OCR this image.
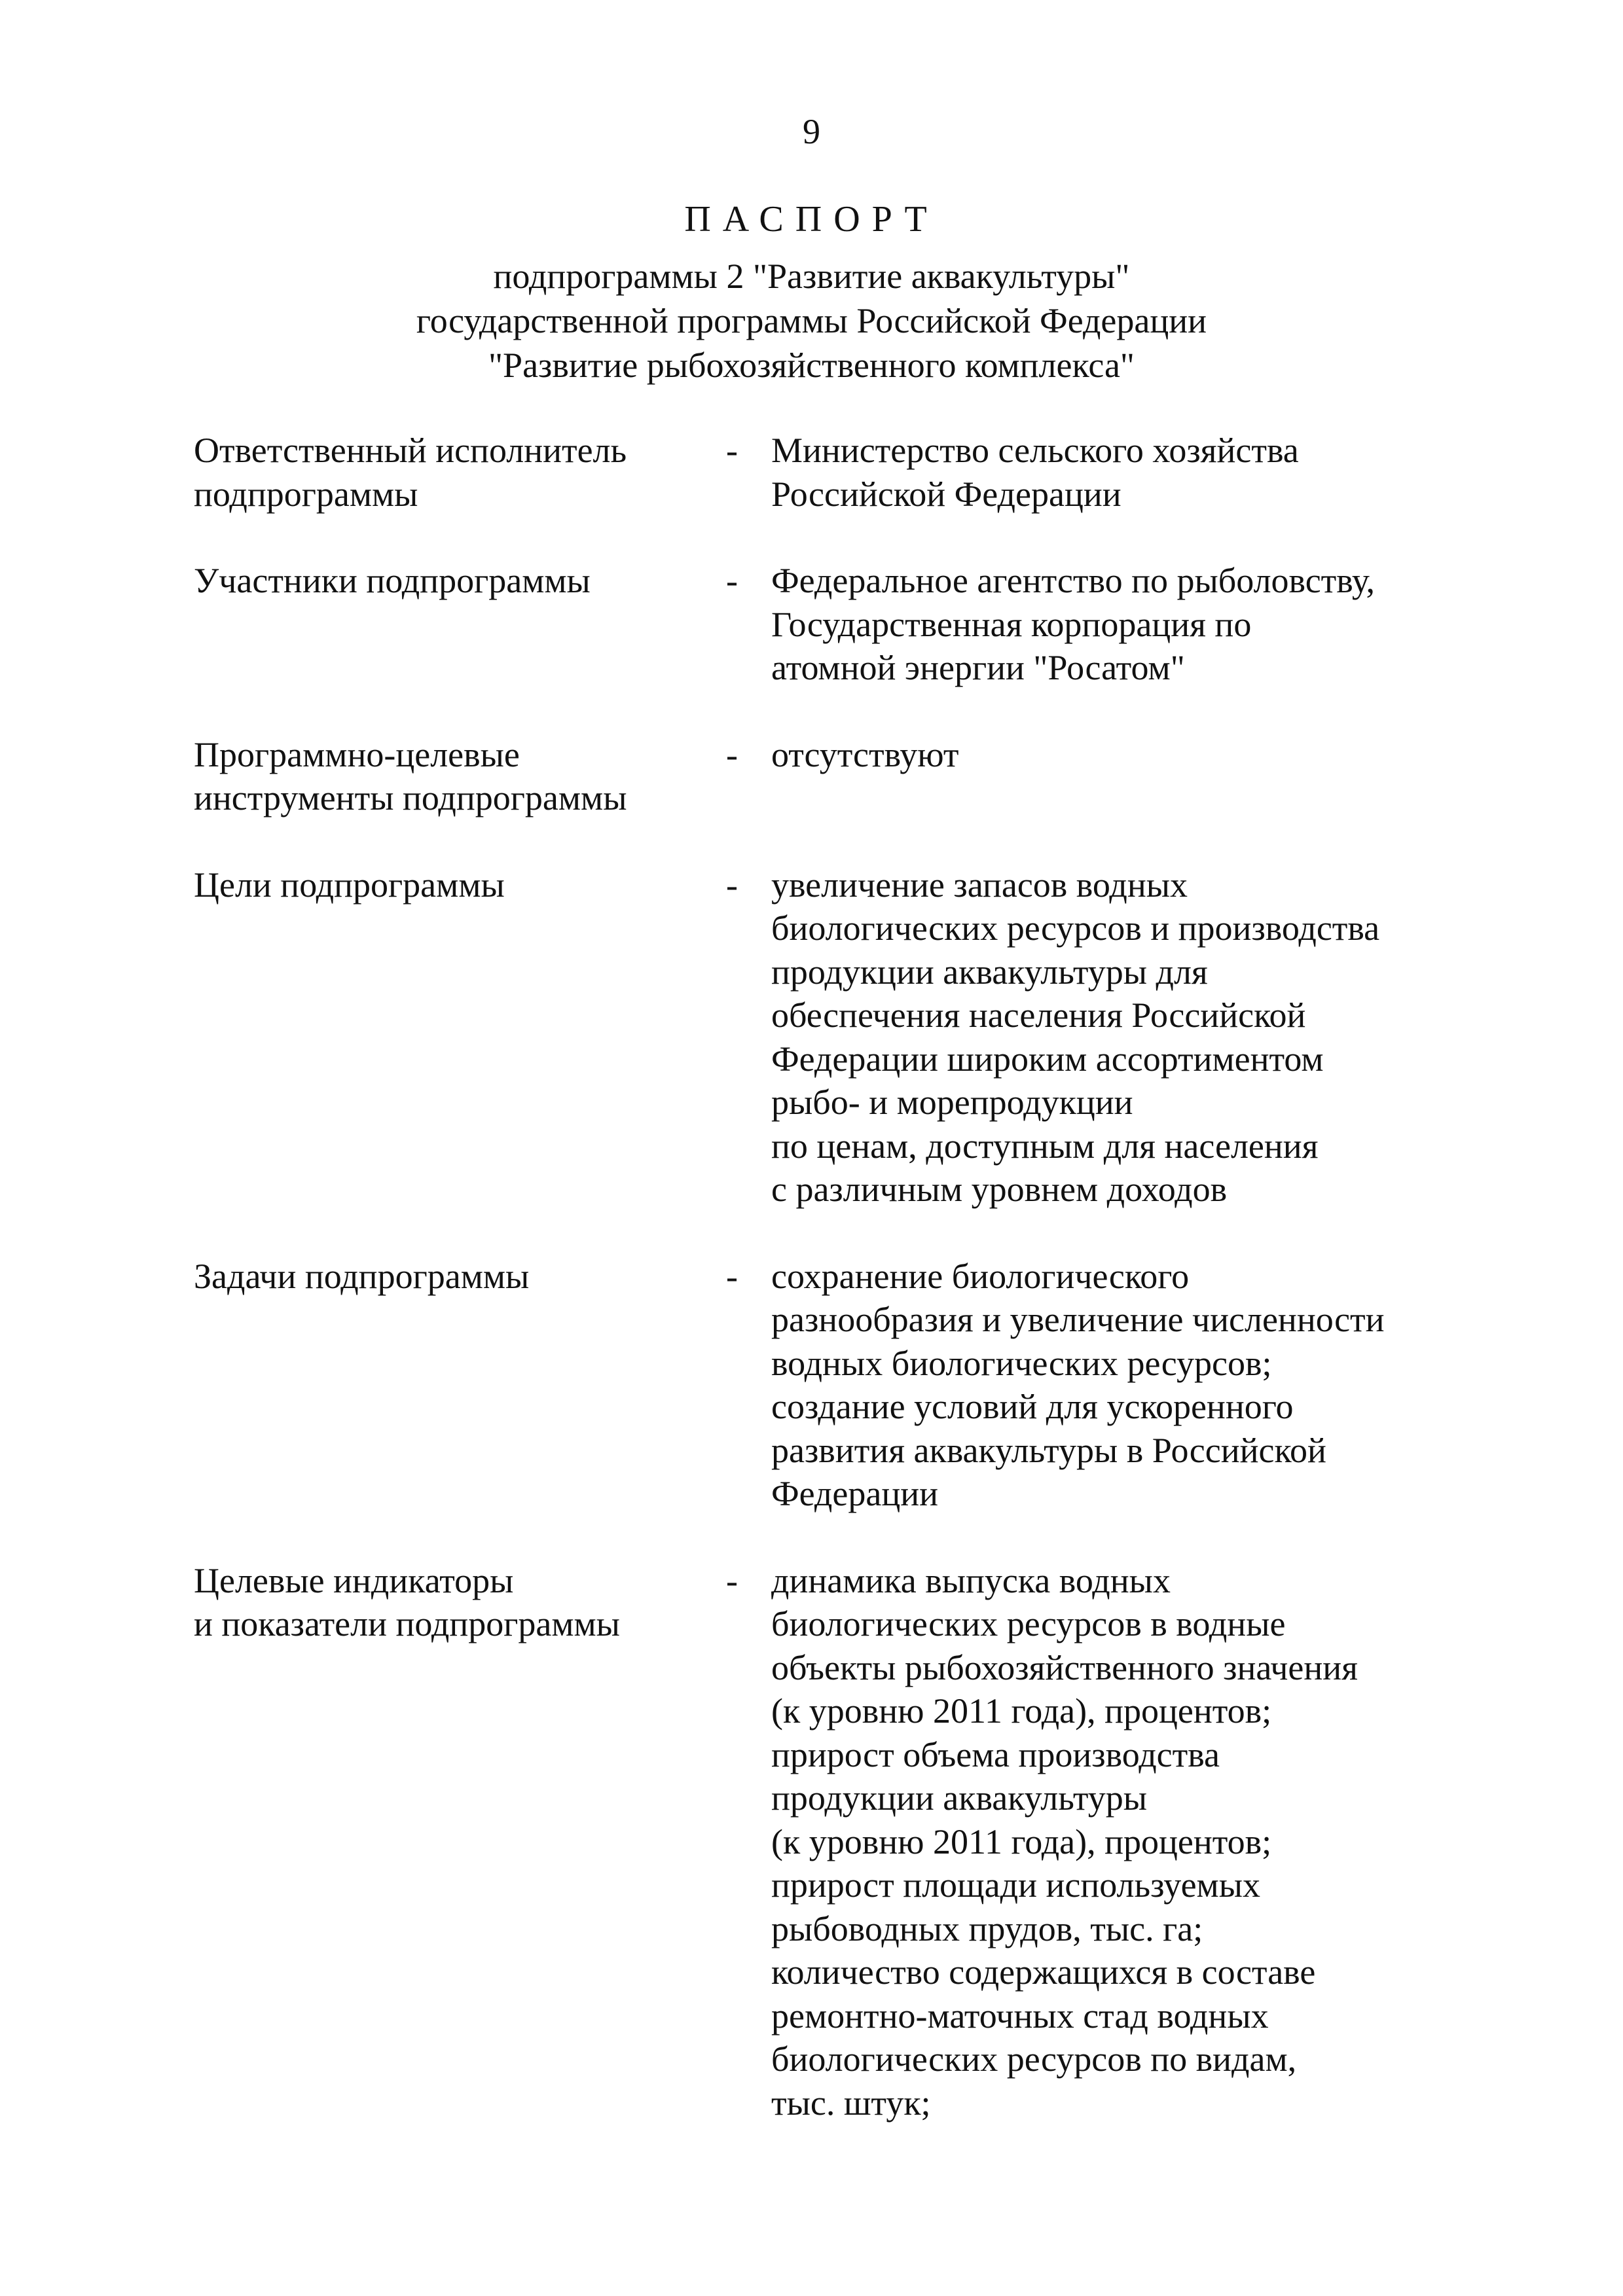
9
ПАСПОРТ
подпрограммы 2 "Развитие аквакультуры"
государственной программы Российской Федерации
"Развитие рыбохозяйственного комплекса"
Ответственный исполнитель
подпрограммы
- Министерство сельского хозяйства
Российской Федерации
Участники подпрограммы	- Федеральное агентство по рыболовству,
Государственная корпорация по
атомной энергии "Росатом"
Программно-целевые
инструменты подпрограммы
- отсутствуют
Цели подпрограммы	- увеличение запасов водных
биологических ресурсов и производства
продукции аквакультуры для
обеспечения населения Российской
Федерации широким ассортиментом
рыбо- и морепродукции
по ценам, доступным для населения
с различным уровнем доходов
Задачи подпрограммы	- сохранение биологического
разнообразия и увеличение численности
водных биологических ресурсов;
создание условий для ускоренного
развития аквакультуры в Российской
Федерации
Целевые индикаторы
и показатели подпрограммы
- динамика выпуска водных
биологических ресурсов в водные
объекты рыбохозяйственного значения
(к уровню 2011 года), процентов;
прирост объема производства
продукции аквакультуры
(к уровню 2011 года), процентов;
прирост площади используемых
рыбоводных прудов, тыс. га;
количество содержащихся в составе
ремонтно-маточных стад водных
биологических ресурсов по видам,
тыс. штук;
